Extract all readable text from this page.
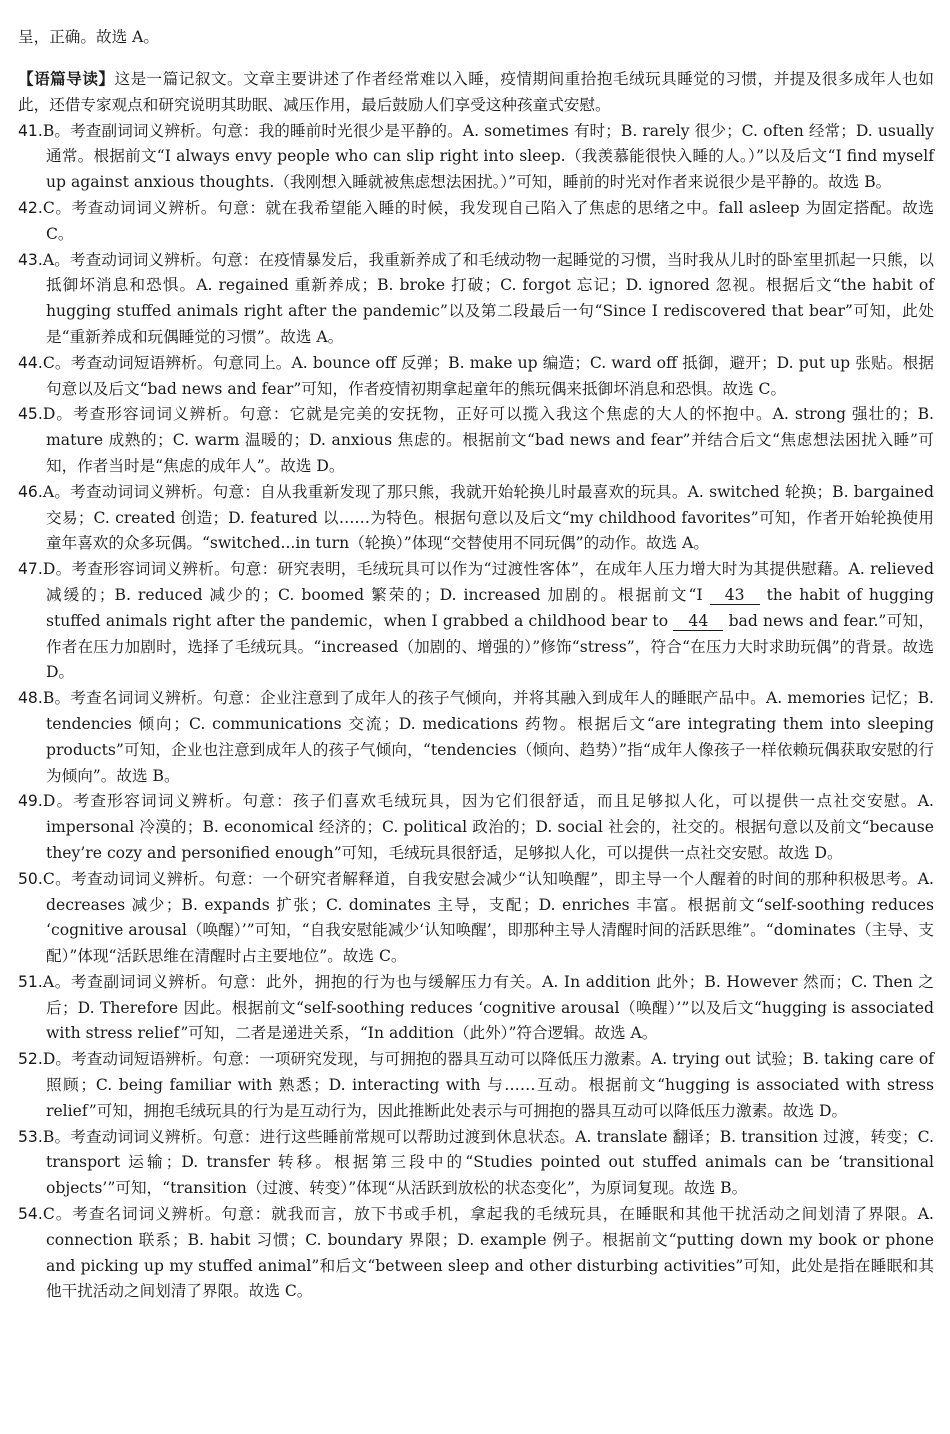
呈，正确。故选 A。
【语篇导读】这是一篇记叙文。文章主要讲述了作者经常难以入睡，疫情期间重拾抱毛绒玩具睡觉的习惯，并提及很多成年人也如此，还借专家观点和研究说明其助眠、减压作用，最后鼓励人们享受这种孩童式安慰。
41.B。考查副词词义辨析。句意：我的睡前时光很少是平静的。A. sometimes 有时；B. rarely 很少；C. often 经常；D. usually 通常。根据前文“I always envy people who can slip right into sleep.（我羡慕能很快入睡的人。）”以及后文“I find myself up against anxious thoughts.（我刚想入睡就被焦虑想法困扰。）”可知，睡前的时光对作者来说很少是平静的。故选 B。
42.C。考查动词词义辨析。句意：就在我希望能入睡的时候，我发现自己陷入了焦虑的思绪之中。fall asleep 为固定搭配。故选 C。
43.A。考查动词词义辨析。句意：在疫情暴发后，我重新养成了和毛绒动物一起睡觉的习惯，当时我从儿时的卧室里抓起一只熊，以抵御坏消息和恐惧。A. regained 重新养成；B. broke 打破；C. forgot 忘记；D. ignored 忽视。根据后文“the habit of hugging stuffed animals right after the pandemic”以及第二段最后一句“Since I rediscovered that bear”可知，此处是“重新养成和玩偶睡觉的习惯”。故选 A。
44.C。考查动词短语辨析。句意同上。A. bounce off 反弹；B. make up 编造；C. ward off 抵御，避开；D. put up 张贴。根据句意以及后文“bad news and fear”可知，作者疫情初期拿起童年的熊玩偶来抵御坏消息和恐惧。故选 C。
45.D。考查形容词词义辨析。句意：它就是完美的安抚物，正好可以揽入我这个焦虑的大人的怀抱中。A. strong 强壮的；B. mature 成熟的；C. warm 温暖的；D. anxious 焦虑的。根据前文“bad news and fear”并结合后文“焦虑想法困扰入睡”可知，作者当时是“焦虑的成年人”。故选 D。
46.A。考查动词词义辨析。句意：自从我重新发现了那只熊，我就开始轮换儿时最喜欢的玩具。A. switched 轮换；B. bargained交易；C. created 创造；D. featured 以……为特色。根据句意以及后文“my childhood favorites”可知，作者开始轮换使用童年喜欢的众多玩偶。“switched...in turn（轮换）”体现“交替使用不同玩偶”的动作。故选 A。
47.D。考查形容词词义辨析。句意：研究表明，毛绒玩具可以作为“过渡性客体”，在成年人压力增大时为其提供慰藉。A. relieved 减缓的；B. reduced 减少的；C. boomed 繁荣的；D. increased 加剧的。根据前文“I 43 the habit of hugging stuffed animals right after the pandemic，when I grabbed a childhood bear to 44 bad news and fear.”可知，作者在压力加剧时，选择了毛绒玩具。“increased（加剧的、增强的）”修饰“stress”，符合“在压力大时求助玩偶”的背景。故选 D。
48.B。考查名词词义辨析。句意：企业注意到了成年人的孩子气倾向，并将其融入到成年人的睡眠产品中。A. memories 记忆；B. tendencies 倾向；C. communications 交流；D. medications 药物。根据后文“are integrating them into sleeping products”可知，企业也注意到成年人的孩子气倾向，“tendencies（倾向、趋势）”指“成年人像孩子一样依赖玩偶获取安慰的行为倾向”。故选 B。
49.D。考查形容词词义辨析。句意：孩子们喜欢毛绒玩具，因为它们很舒适，而且足够拟人化，可以提供一点社交安慰。A. impersonal 冷漠的；B. economical 经济的；C. political 政治的；D. social 社会的，社交的。根据句意以及前文“because they’re cozy and personified enough”可知，毛绒玩具很舒适，足够拟人化，可以提供一点社交安慰。故选 D。
50.C。考查动词词义辨析。句意：一个研究者解释道，自我安慰会减少“认知唤醒”，即主导一个人醒着的时间的那种积极思考。A. decreases 减少；B. expands 扩张；C. dominates 主导，支配；D. enriches 丰富。根据前文“self-soothing reduces ‘cognitive arousal（唤醒）’”可知，“自我安慰能减少‘认知唤醒’，即那种主导人清醒时间的活跃思维”。“dominates（主导、支配）”体现“活跃思维在清醒时占主要地位”。故选 C。
51.A。考查副词词义辨析。句意：此外，拥抱的行为也与缓解压力有关。A. In addition 此外；B. However 然而；C. Then 之后；D. Therefore 因此。根据前文“self-soothing reduces ‘cognitive arousal（唤醒）’”以及后文“hugging is associated with stress relief”可知，二者是递进关系，“In addition（此外）”符合逻辑。故选 A。
52.D。考查动词短语辨析。句意：一项研究发现，与可拥抱的器具互动可以降低压力激素。A. trying out 试验；B. taking care of 照顾；C. being familiar with 熟悉；D. interacting with 与……互动。根据前文“hugging is associated with stress relief”可知，拥抱毛绒玩具的行为是互动行为，因此推断此处表示与可拥抱的器具互动可以降低压力激素。故选 D。
53.B。考查动词词义辨析。句意：进行这些睡前常规可以帮助过渡到休息状态。A. translate 翻译；B. transition 过渡，转变；C. transport 运输；D. transfer 转移。根据第三段中的“Studies pointed out stuffed animals can be ‘transitional objects’”可知，“transition（过渡、转变）”体现“从活跃到放松的状态变化”，为原词复现。故选 B。
54.C。考查名词词义辨析。句意：就我而言，放下书或手机，拿起我的毛绒玩具，在睡眠和其他干扰活动之间划清了界限。A. connection 联系；B. habit 习惯；C. boundary 界限；D. example 例子。根据前文“putting down my book or phone and picking up my stuffed animal”和后文“between sleep and other disturbing activities”可知，此处是指在睡眠和其他干扰活动之间划清了界限。故选 C。
